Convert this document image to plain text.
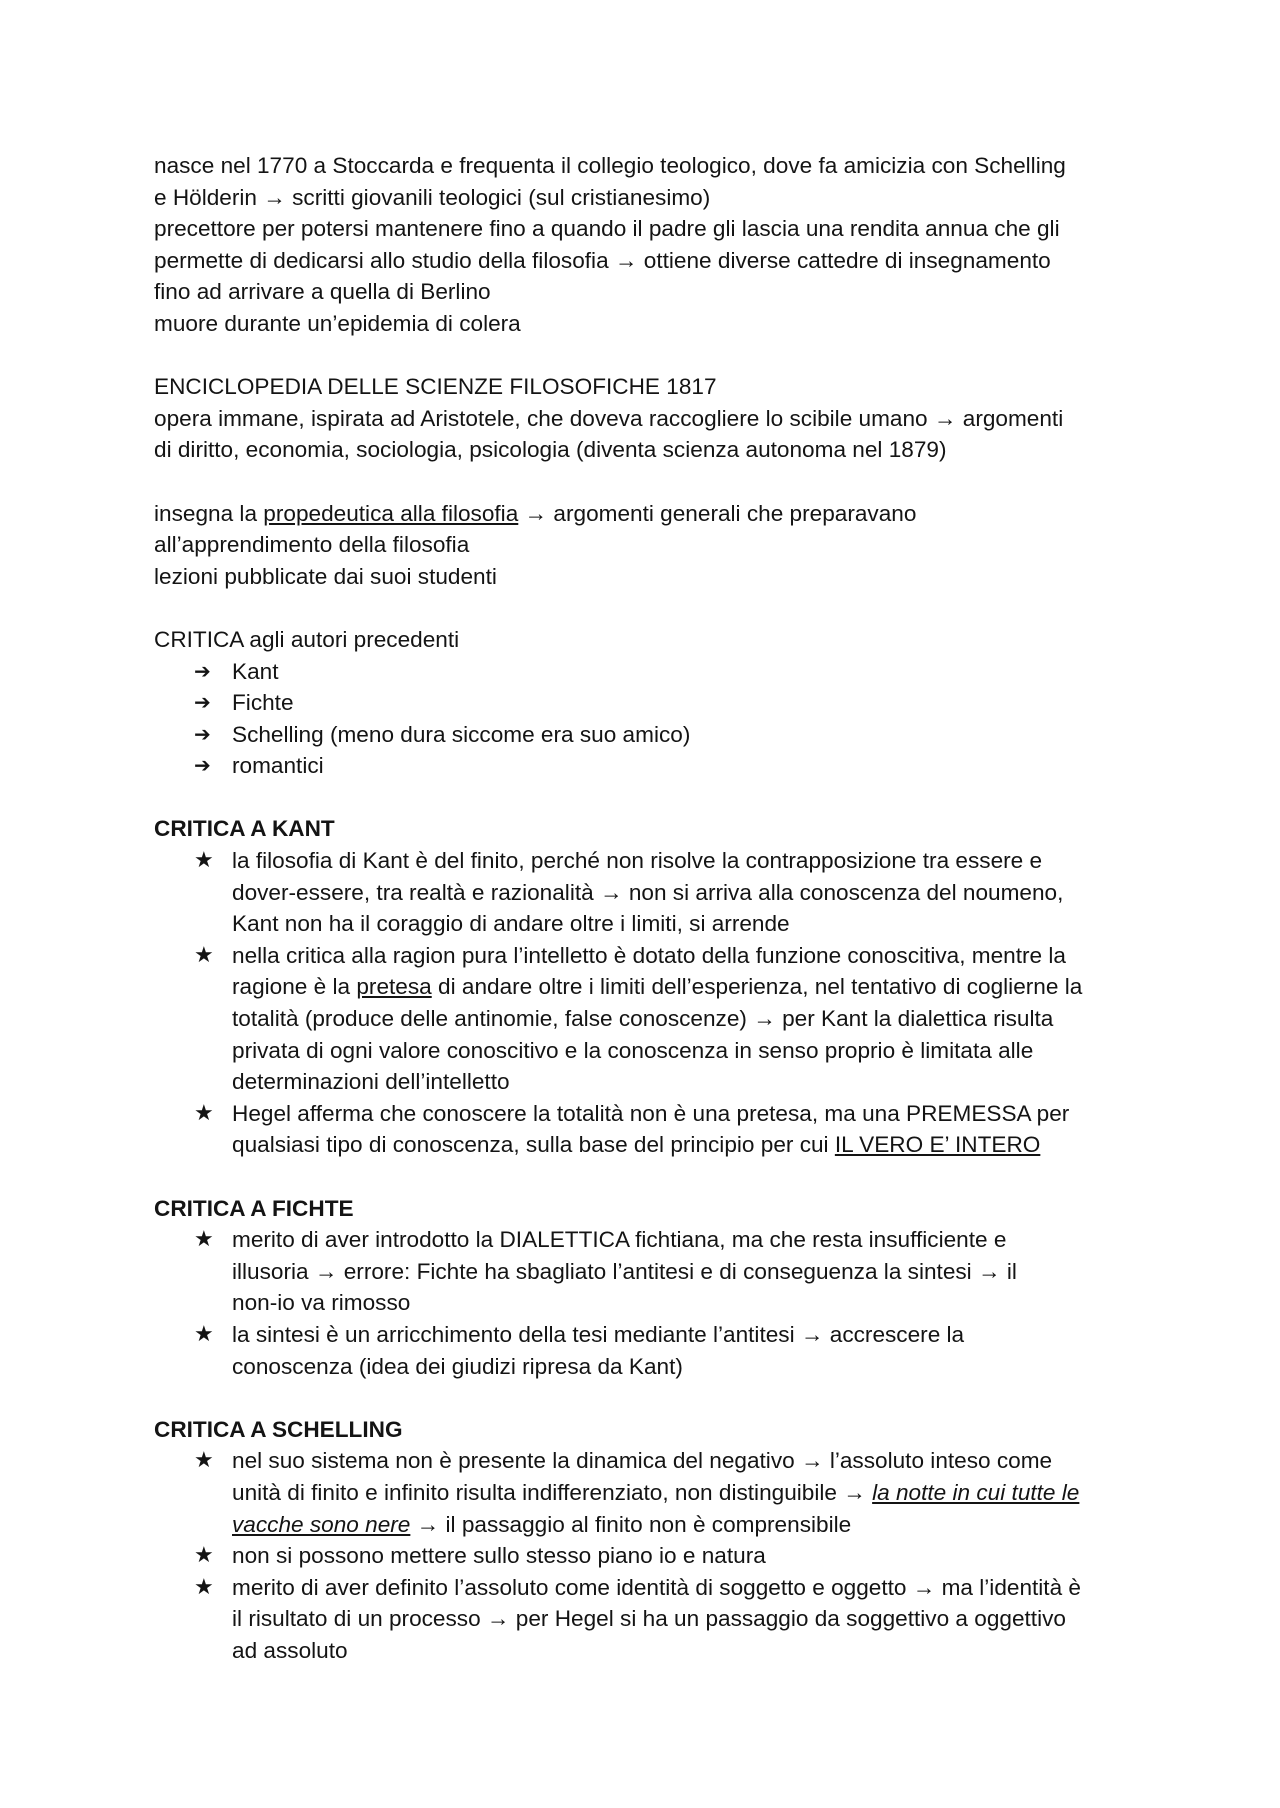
nasce nel 1770 a Stoccarda e frequenta il collegio teologico, dove fa amicizia con Schelling
e Hölderin → scritti giovanili teologici (sul cristianesimo)
precettore per potersi mantenere fino a quando il padre gli lascia una rendita annua che gli
permette di dedicarsi allo studio della filosofia → ottiene diverse cattedre di insegnamento
fino ad arrivare a quella di Berlino
muore durante un’epidemia di colera
ENCICLOPEDIA DELLE SCIENZE FILOSOFICHE 1817
opera immane, ispirata ad Aristotele, che doveva raccogliere lo scibile umano → argomenti
di diritto, economia, sociologia, psicologia (diventa scienza autonoma nel 1879)
insegna la propedeutica alla filosofia → argomenti generali che preparavano
all’apprendimento della filosofia
lezioni pubblicate dai suoi studenti
CRITICA agli autori precedenti
➔ Kant
➔ Fichte
➔ Schelling (meno dura siccome era suo amico)
➔ romantici
CRITICA A KANT
★ la filosofia di Kant è del finito, perché non risolve la contrapposizione tra essere e
dover-essere, tra realtà e razionalità → non si arriva alla conoscenza del noumeno,
Kant non ha il coraggio di andare oltre i limiti, si arrende
★ nella critica alla ragion pura l’intelletto è dotato della funzione conoscitiva, mentre la
ragione è la pretesa di andare oltre i limiti dell’esperienza, nel tentativo di coglierne la
totalità (produce delle antinomie, false conoscenze) → per Kant la dialettica risulta
privata di ogni valore conoscitivo e la conoscenza in senso proprio è limitata alle
determinazioni dell’intelletto
★ Hegel afferma che conoscere la totalità non è una pretesa, ma una PREMESSA per
qualsiasi tipo di conoscenza, sulla base del principio per cui IL VERO E’ INTERO
CRITICA A FICHTE
★ merito di aver introdotto la DIALETTICA fichtiana, ma che resta insufficiente e
illusoria → errore: Fichte ha sbagliato l’antitesi e di conseguenza la sintesi → il
non-io va rimosso
★ la sintesi è un arricchimento della tesi mediante l’antitesi → accrescere la
conoscenza (idea dei giudizi ripresa da Kant)
CRITICA A SCHELLING
★ nel suo sistema non è presente la dinamica del negativo → l’assoluto inteso come
unità di finito e infinito risulta indifferenziato, non distinguibile → la notte in cui tutte le
vacche sono nere → il passaggio al finito non è comprensibile
★ non si possono mettere sullo stesso piano io e natura
★ merito di aver definito l’assoluto come identità di soggetto e oggetto → ma l’identità è
il risultato di un processo → per Hegel si ha un passaggio da soggettivo a oggettivo
ad assoluto
